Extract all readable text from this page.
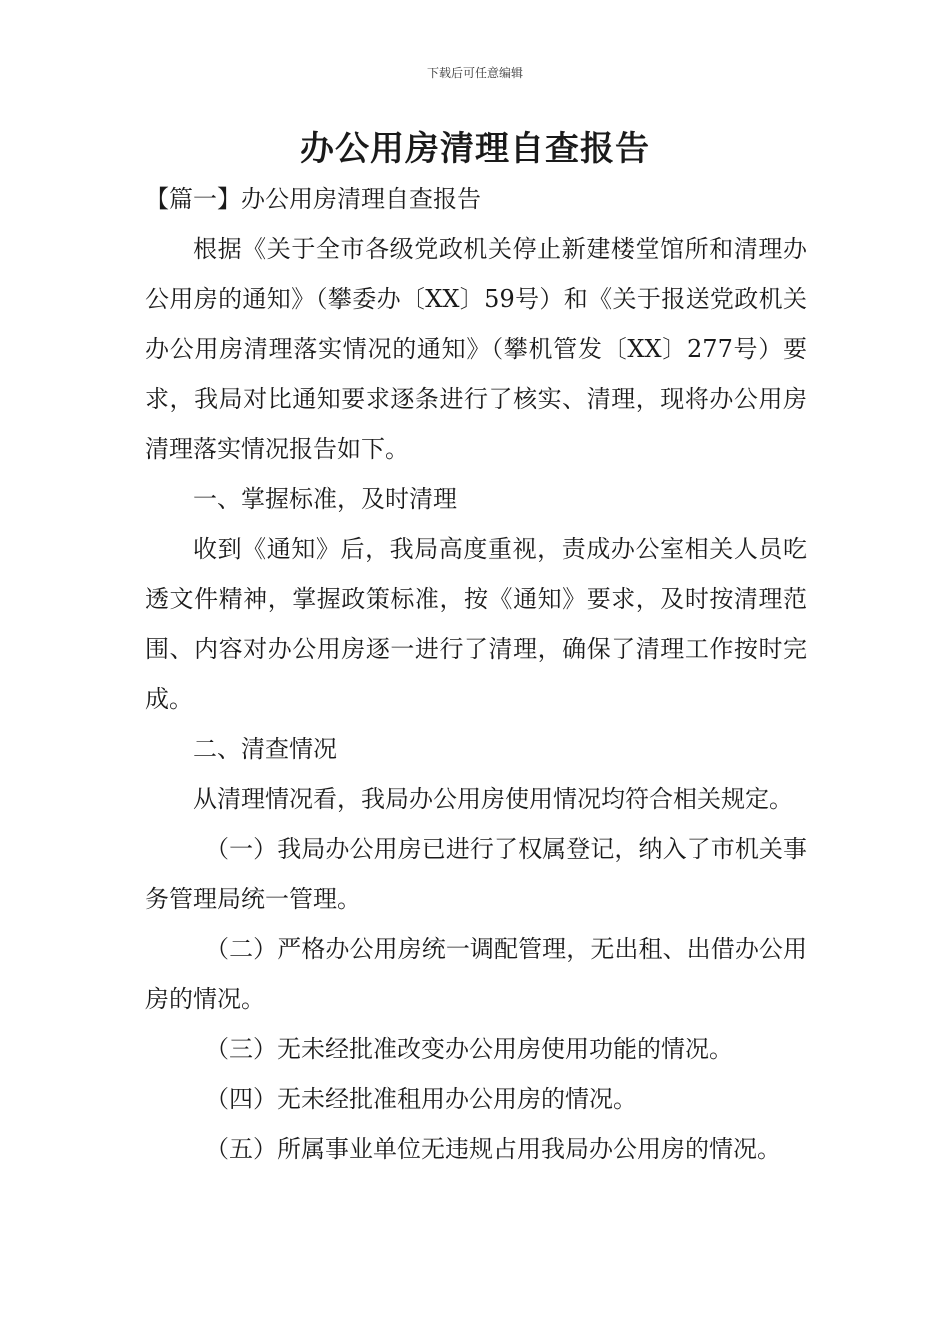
下载后可任意编辑
办公用房清理自查报告

【篇一】办公用房清理自查报告

根据《关于全市各级党政机关停止新建楼堂馆所和清理办公用房的通知》（攀委办〔XX〕59号）和《关于报送党政机关办公用房清理落实情况的通知》（攀机管发〔XX〕277号）要求，我局对比通知要求逐条进行了核实、清理，现将办公用房清理落实情况报告如下。

一、掌握标准，及时清理

收到《通知》后，我局高度重视，责成办公室相关人员吃透文件精神，掌握政策标准，按《通知》要求，及时按清理范围、内容对办公用房逐一进行了清理，确保了清理工作按时完成。

二、清查情况

从清理情况看，我局办公用房使用情况均符合相关规定。

（一）我局办公用房已进行了权属登记，纳入了市机关事务管理局统一管理。

（二）严格办公用房统一调配管理，无出租、出借办公用房的情况。

（三）无未经批准改变办公用房使用功能的情况。

（四）无未经批准租用办公用房的情况。

（五）所属事业单位无违规占用我局办公用房的情况。
